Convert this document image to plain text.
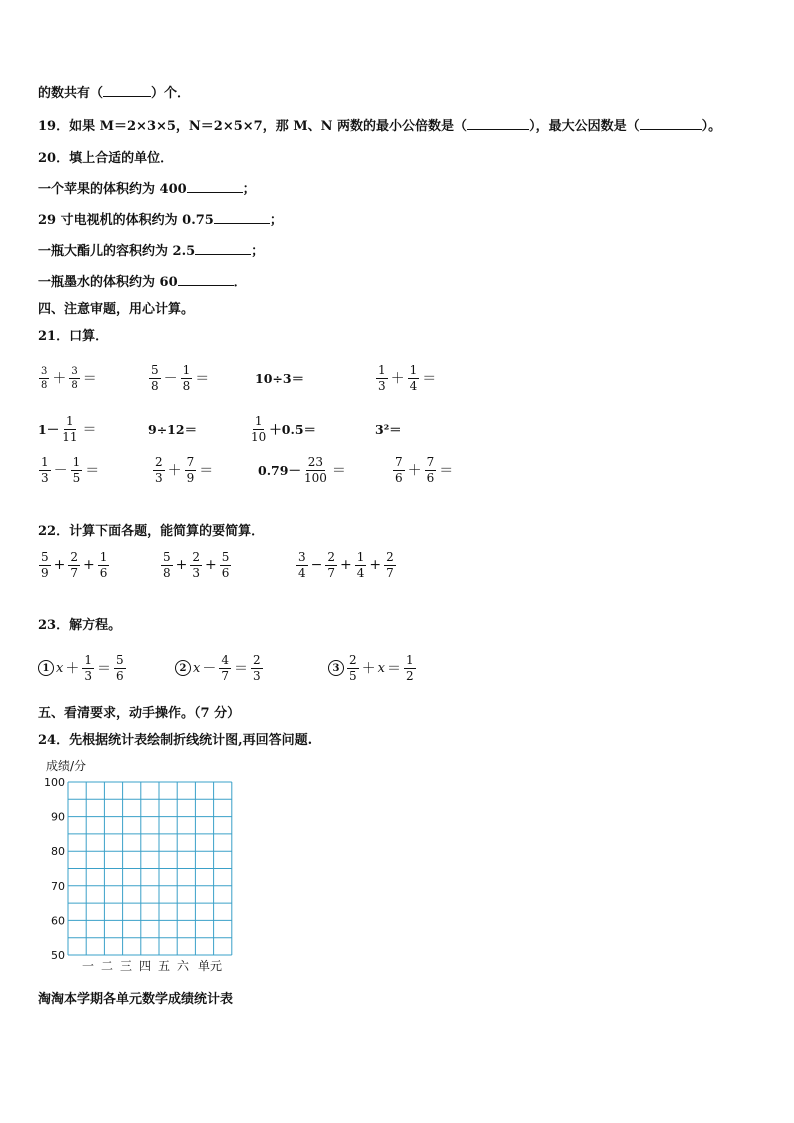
的数共有（	）个．
19．如果 M＝2×3×5，N＝2×5×7，那 M、N 两数的最小公倍数是（	），最大公因数是（	）。
20．填上合适的单位．
一个苹果的体积约为 400	；
29 寸电视机的体积约为 0.75	；
一瓶大酯儿的容积约为 2.5	；
一瓶墨水的体积约为 60	．
四、注意审题，用心计算。
21．口算．
$\frac{3}{8} + \frac{3}{8}$ ＝	$\frac{5}{8} - \frac{1}{8}$ ＝	10÷3＝	$\frac{1}{3} + \frac{1}{4}$ ＝
$1- \frac{1}{11}$ ＝	9÷12＝	$\frac{1}{10} +0.5=$	3²＝
$\frac{1}{3} - \frac{1}{5}$ ＝	$\frac{2}{3} + \frac{7}{9}$ ＝	$0.79- \frac{23}{100}$ ＝	$\frac{7}{6} + \frac{7}{6}$ ＝
22．计算下面各题，能简算的要简算．
$\frac{5}{9} + \frac{2}{7} + \frac{1}{6}$	$\frac{5}{8} + \frac{2}{3} + \frac{5}{6}$	$\frac{3}{4} - \frac{2}{7} + \frac{1}{4} + \frac{2}{7}$
23．解方程。
1 $x + \frac{1}{3} = \frac{5}{6}$	2 $x - \frac{4}{7} = \frac{2}{3}$	$3 \frac{2}{5} + x = \frac{1}{2}$
五、看清要求，动手操作。（7 分）
24．先根据统计表绘制折线统计图,再回答问题.
成绩/分
100
90
80
70
60
50
一 二 三 四 五 六 单元
淘淘本学期各单元数学成绩统计表
